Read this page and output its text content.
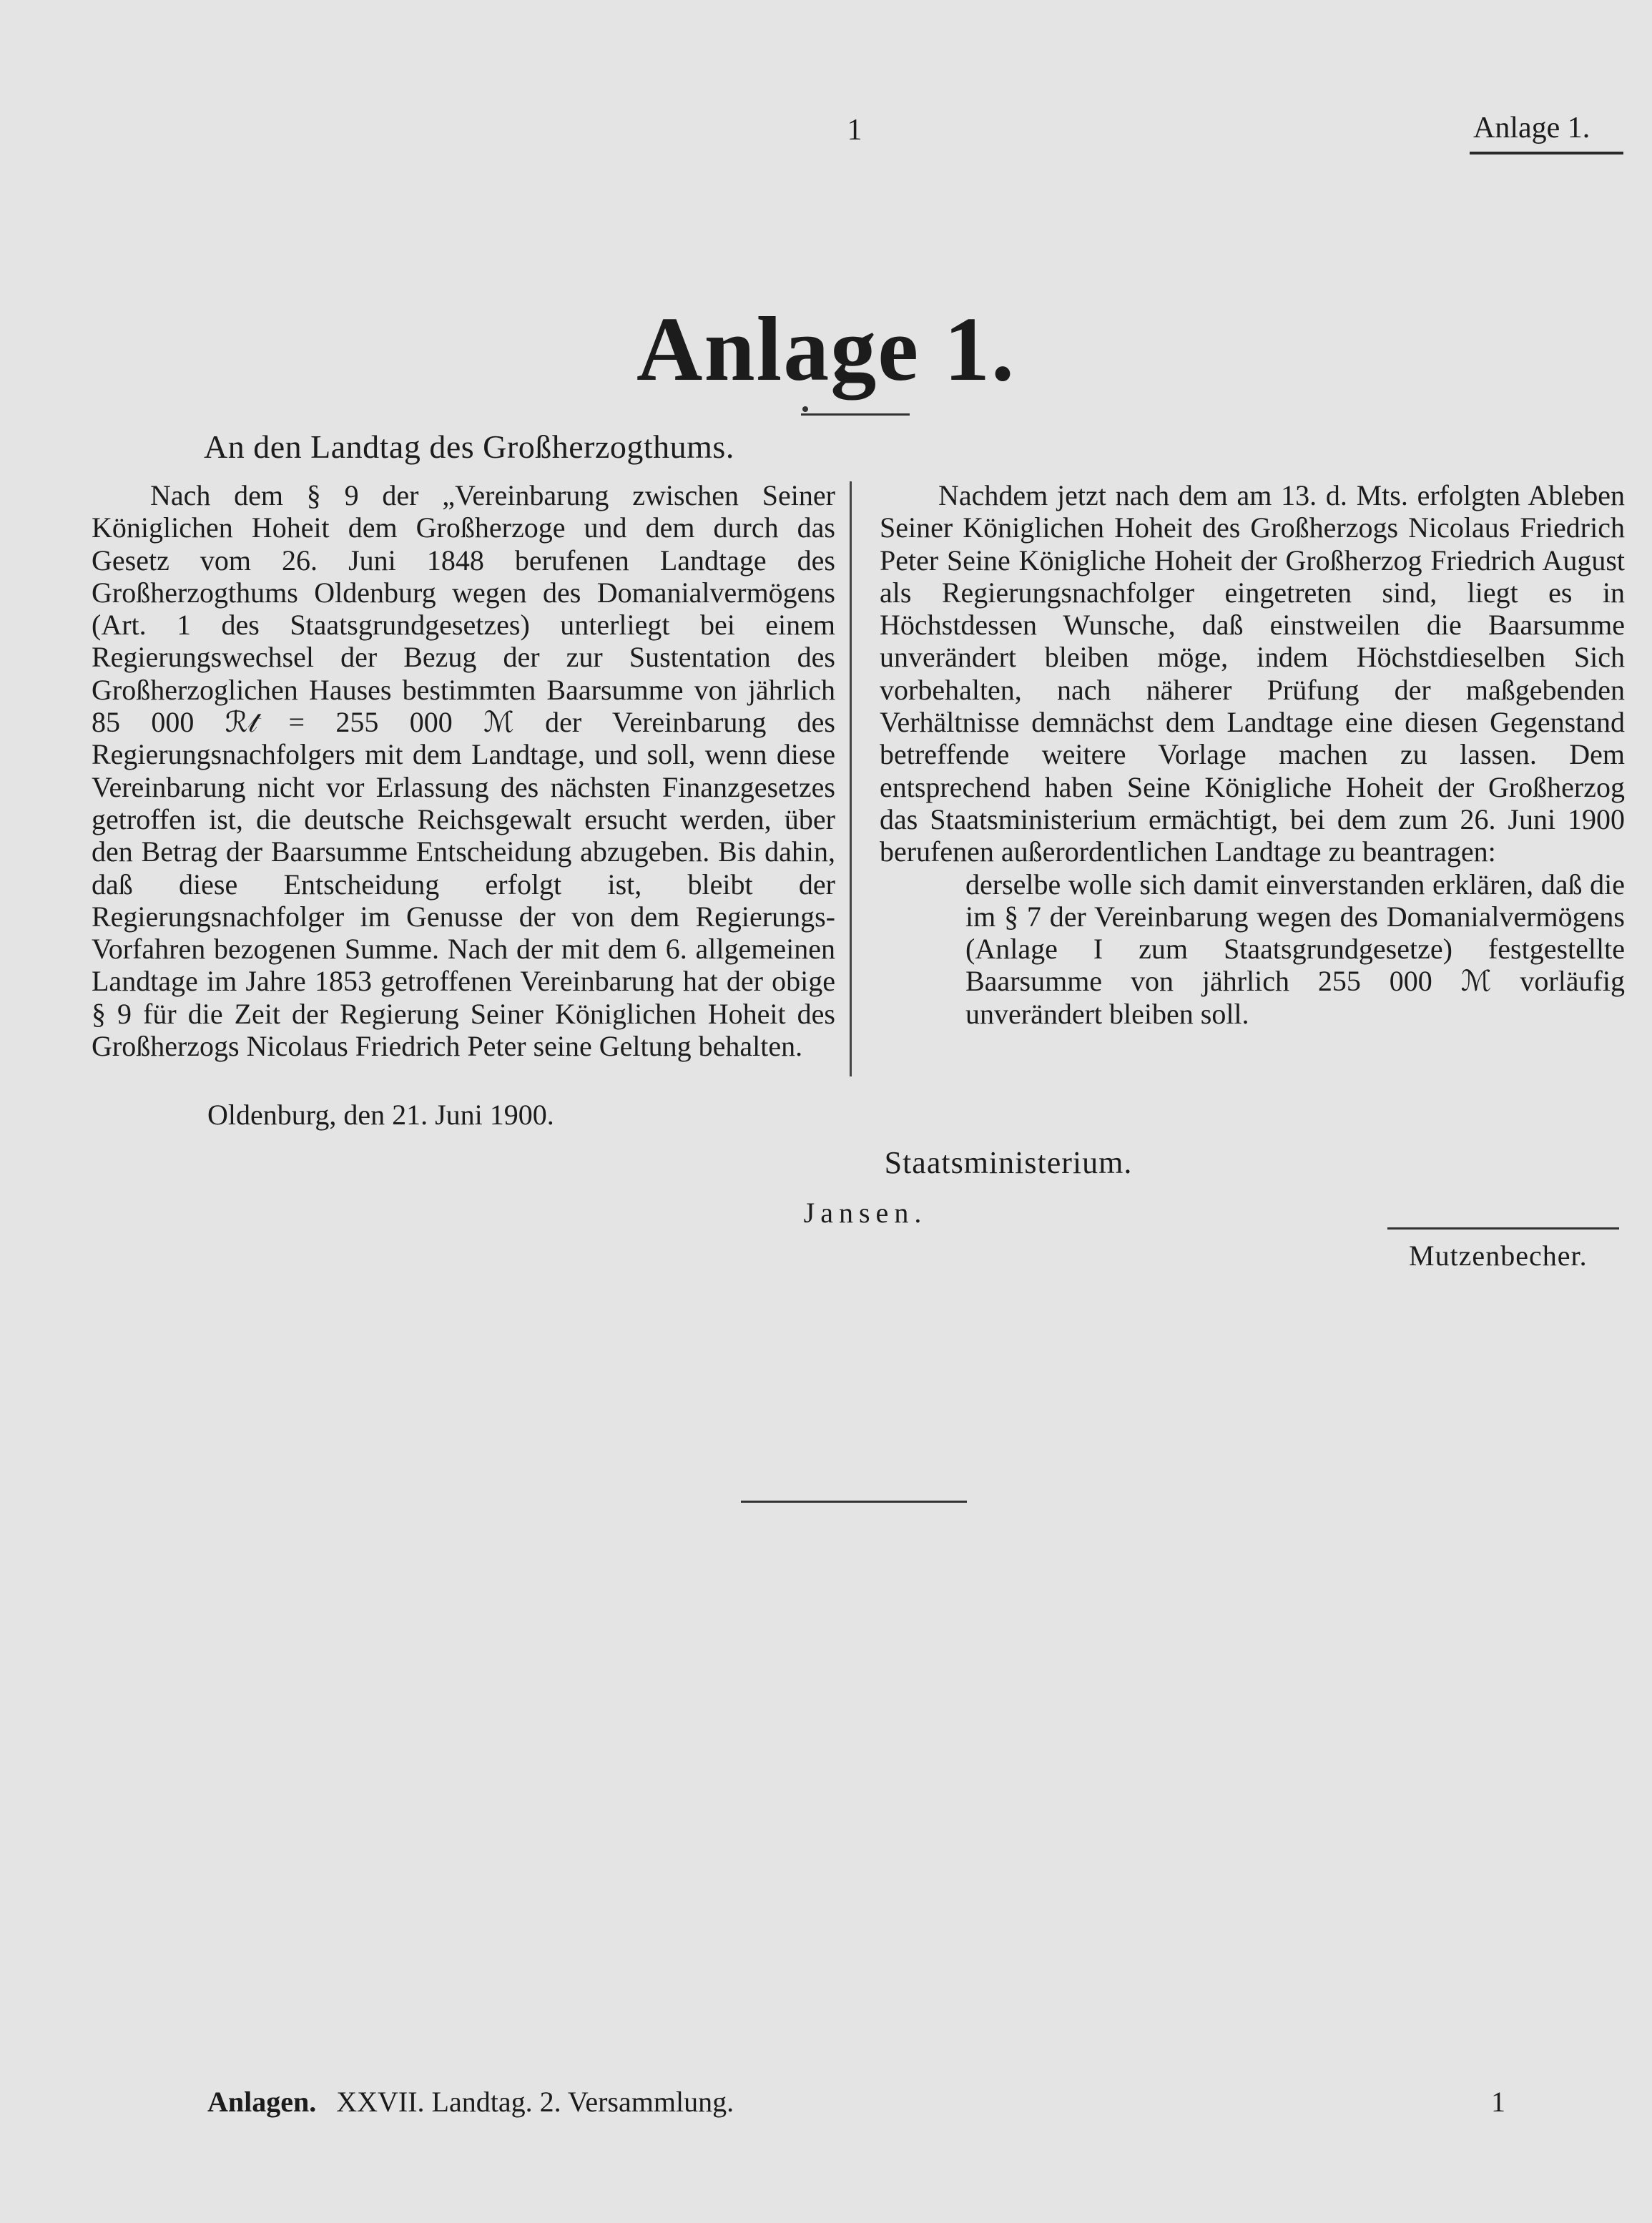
1	Anlage 1.
Anlage 1.
An den Landtag des Großherzogthums.

Nach dem § 9 der „Vereinbarung zwischen Seiner Königlichen Hoheit dem Großherzoge und dem durch das Gesetz vom 26. Juni 1848 berufenen Landtage des Großherzogthums Oldenburg wegen des Domanialvermögens (Art. 1 des Staatsgrundgesetzes) unterliegt bei einem Regierungswechsel der Bezug der zur Sustentation des Großherzoglichen Hauses bestimmten Baarsumme von jährlich 85 000 ℛ𝓉 = 255 000 ℳ der Vereinbarung des Regierungsnachfolgers mit dem Landtage, und soll, wenn diese Vereinbarung nicht vor Erlassung des nächsten Finanzgesetzes getroffen ist, die deutsche Reichsgewalt ersucht werden, über den Betrag der Baarsumme Entscheidung abzugeben. Bis dahin, daß diese Entscheidung erfolgt ist, bleibt der Regierungsnachfolger im Genusse der von dem Regierungs-Vorfahren bezogenen Summe. Nach der mit dem 6. allgemeinen Landtage im Jahre 1853 getroffenen Vereinbarung hat der obige § 9 für die Zeit der Regierung Seiner Königlichen Hoheit des Großherzogs Nicolaus Friedrich Peter seine Geltung behalten.

Nachdem jetzt nach dem am 13. d. Mts. erfolgten Ableben Seiner Königlichen Hoheit des Großherzogs Nicolaus Friedrich Peter Seine Königliche Hoheit der Großherzog Friedrich August als Regierungsnachfolger eingetreten sind, liegt es in Höchstdessen Wunsche, daß einstweilen die Baarsumme unverändert bleiben möge, indem Höchstdieselben Sich vorbehalten, nach näherer Prüfung der maßgebenden Verhältnisse demnächst dem Landtage eine diesen Gegenstand betreffende weitere Vorlage machen zu lassen. Dem entsprechend haben Seine Königliche Hoheit der Großherzog das Staatsministerium ermächtigt, bei dem zum 26. Juni 1900 berufenen außerordentlichen Landtage zu beantragen:

derselbe wolle sich damit einverstanden erklären, daß die im § 7 der Vereinbarung wegen des Domanialvermögens (Anlage I zum Staatsgrundgesetze) festgestellte Baarsumme von jährlich 255 000 ℳ vorläufig unverändert bleiben soll.

Oldenburg, den 21. Juni 1900.
Staatsministerium.
Jansen.
Mutzenbecher.
Anlagen. XXVII. Landtag. 2. Versammlung.	1
